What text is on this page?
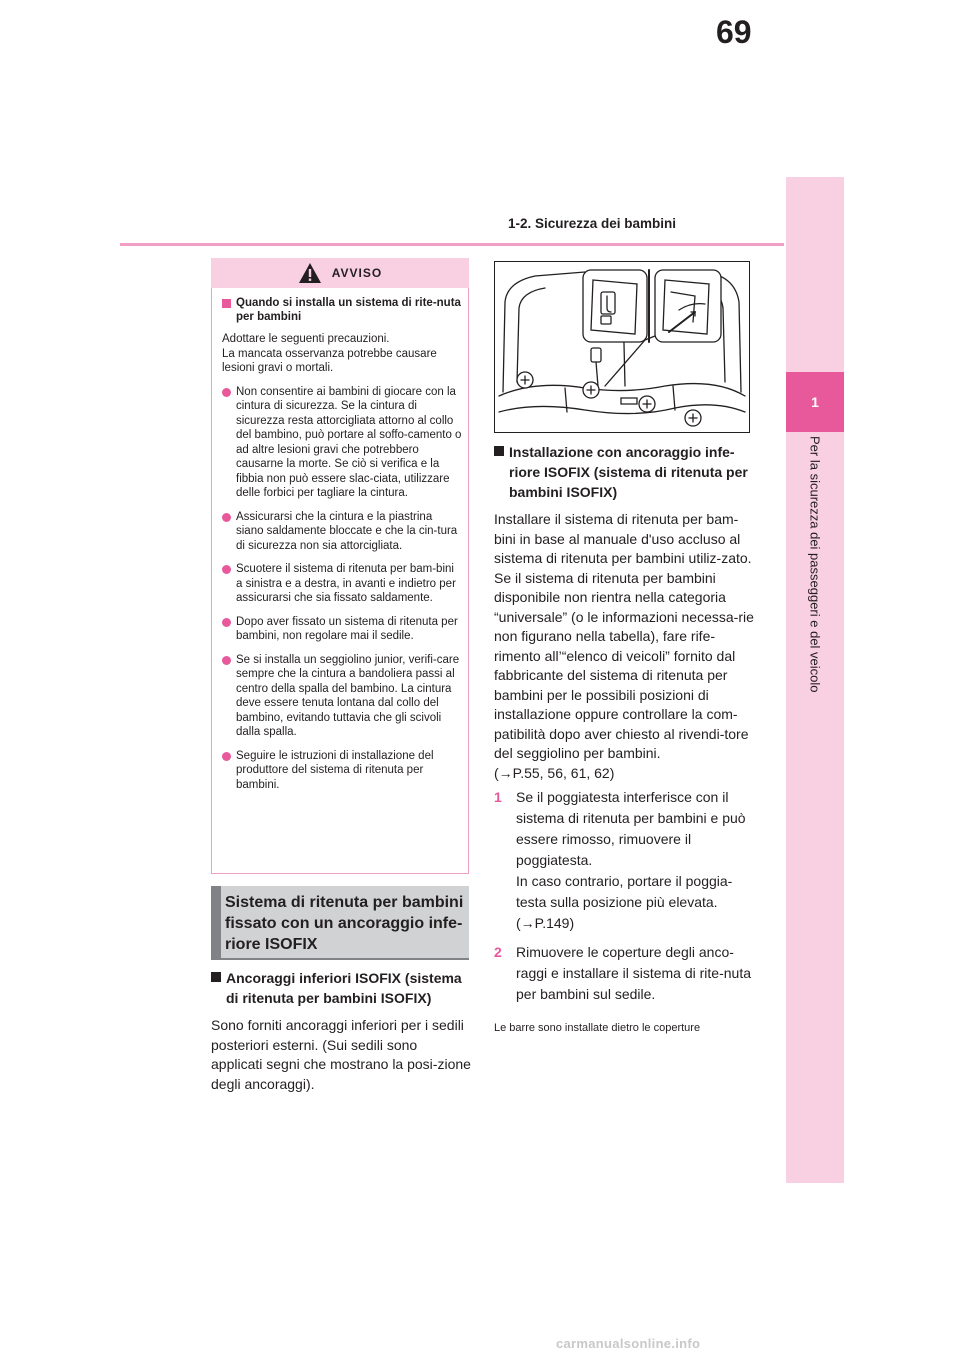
69
1-2. Sicurezza dei bambini
1
Per la sicurezza dei passeggeri e del veicolo
AVVISO
Quando si installa un sistema di rite-nuta per bambini
Adottare le seguenti precauzioni.
La mancata osservanza potrebbe causare lesioni gravi o mortali.
Non consentire ai bambini di giocare con la cintura di sicurezza. Se la cintura di sicurezza resta attorcigliata attorno al collo del bambino, può portare al soffo-camento o ad altre lesioni gravi che potrebbero causarne la morte. Se ciò si verifica e la fibbia non può essere slac-ciata, utilizzare delle forbici per tagliare la cintura.
Assicurarsi che la cintura e la piastrina siano saldamente bloccate e che la cin-tura di sicurezza non sia attorcigliata.
Scuotere il sistema di ritenuta per bam-bini a sinistra e a destra, in avanti e indietro per assicurarsi che sia fissato saldamente.
Dopo aver fissato un sistema di ritenuta per bambini, non regolare mai il sedile.
Se si installa un seggiolino junior, verifi-care sempre che la cintura a bandoliera passi al centro della spalla del bambino. La cintura deve essere tenuta lontana dal collo del bambino, evitando tuttavia che gli scivoli dalla spalla.
Seguire le istruzioni di installazione del produttore del sistema di ritenuta per bambini.
Sistema di ritenuta per bambini fissato con un ancoraggio infe-riore ISOFIX
Ancoraggi inferiori ISOFIX (sistema di ritenuta per bambini ISOFIX)
Sono forniti ancoraggi inferiori per i sedili posteriori esterni. (Sui sedili sono applicati segni che mostrano la posi-zione degli ancoraggi).
Installazione con ancoraggio infe-riore ISOFIX (sistema di ritenuta per bambini ISOFIX)
Installare il sistema di ritenuta per bam-bini in base al manuale d'uso accluso al sistema di ritenuta per bambini utiliz-zato.
Se il sistema di ritenuta per bambini disponibile non rientra nella categoria “universale” (o le informazioni necessa-rie non figurano nella tabella), fare rife-rimento all’“elenco di veicoli” fornito dal fabbricante del sistema di ritenuta per bambini per le possibili posizioni di installazione oppure controllare la com-patibilità dopo aver chiesto al rivendi-tore del seggiolino per bambini.
(→P.55, 56, 61, 62)
1 Se il poggiatesta interferisce con il sistema di ritenuta per bambini e può essere rimosso, rimuovere il poggiatesta.
In caso contrario, portare il poggia-testa sulla posizione più elevata.
(→P.149)
2 Rimuovere le coperture degli anco-raggi e installare il sistema di rite-nuta per bambini sul sedile.
Le barre sono installate dietro le coperture
carmanualsonline.info
